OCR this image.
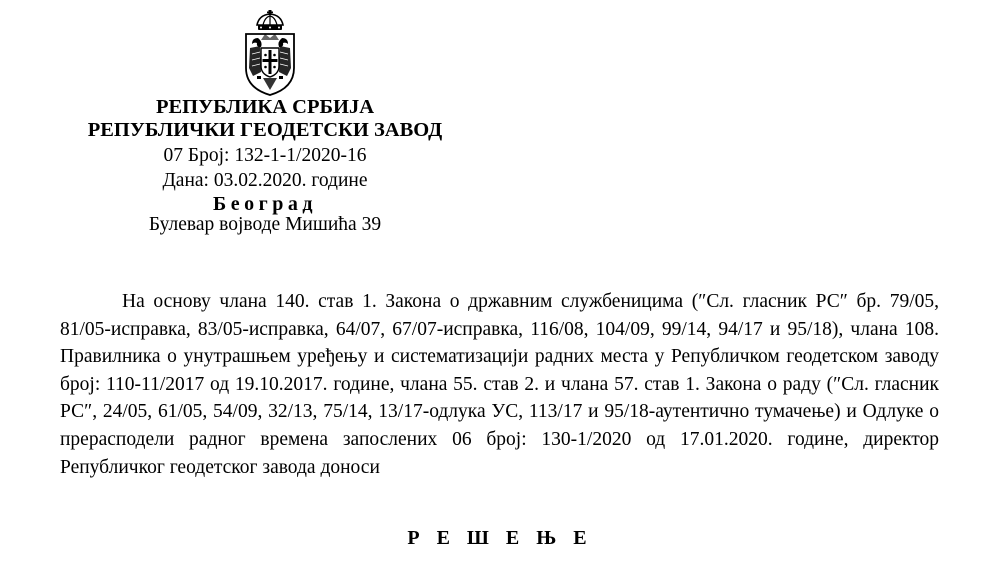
РЕПУБЛИКА СРБИЈА
РЕПУБЛИЧКИ ГЕОДЕТСКИ ЗАВОД
07 Број: 132-1-1/2020-16
Дана: 03.02.2020. године
Београд
Булевар војводе Мишића 39
На основу члана 140. став 1. Закона о државним службеницима (″Сл. гласник РС″ бр. 79/05, 81/05-исправка, 83/05-исправка, 64/07, 67/07-исправка, 116/08, 104/09, 99/14, 94/17 и 95/18), члана 108. Правилника о унутрашњем уређењу и систематизацији радних места у Републичком геодетском заводу број: 110-11/2017 од 19.10.2017. године, члана 55. став 2. и члана 57. став 1. Закона о раду (″Сл. гласник РС″, 24/05, 61/05, 54/09, 32/13, 75/14, 13/17-одлука УС, 113/17 и 95/18-аутентично тумачење) и Одлуке о прерасподели радног времена запослених 06 број: 130-1/2020 од 17.01.2020. године, директор Републичког геодетског завода доноси
Р Е Ш Е Њ Е
